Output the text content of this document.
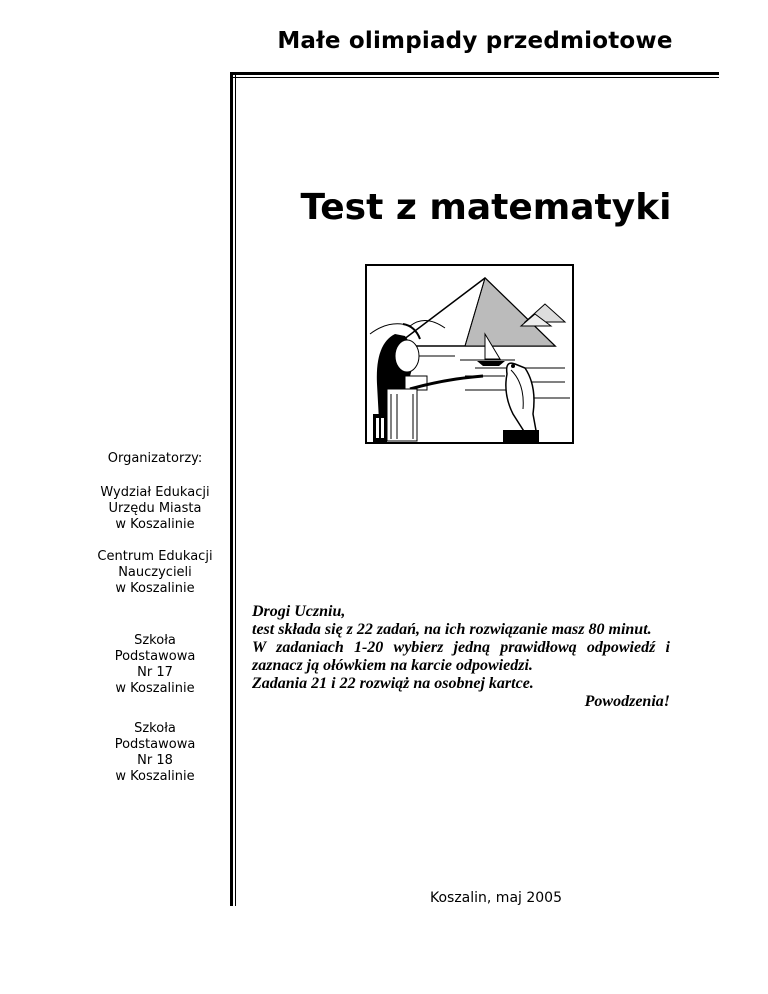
Małe olimpiady przedmiotowe
Test z matematyki
Organizatorzy:
Wydział Edukacji
Urzędu Miasta
w Koszalinie
Centrum Edukacji
Nauczycieli
w Koszalinie
Szkoła
Podstawowa
Nr 17
w Koszalinie
Szkoła
Podstawowa
Nr 18
w Koszalinie

Drogi Uczniu,

test składa się z 22 zadań, na ich rozwiązanie masz 80 minut.

W zadaniach 1-20 wybierz jedną prawidłową odpowiedź i zaznacz ją ołówkiem na karcie odpowiedzi.

Zadania 21 i 22 rozwiąż na osobnej kartce.

Powodzenia!

Koszalin, maj 2005
